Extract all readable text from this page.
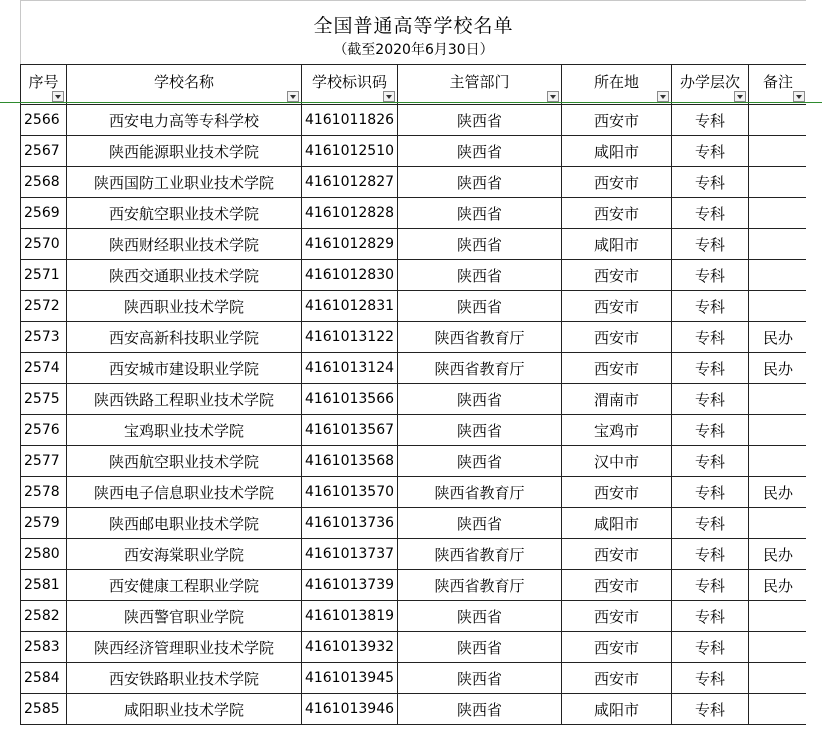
全国普通高等学校名单
（截至2020年6月30日）
序号	学校名称	学校标识码	主管部门	所在地	办学层次	备注

2566	西安电力高等专科学校	4161011826	陕西省	西安市	专科	
2567	陕西能源职业技术学院	4161012510	陕西省	咸阳市	专科	
2568	陕西国防工业职业技术学院	4161012827	陕西省	西安市	专科	
2569	西安航空职业技术学院	4161012828	陕西省	西安市	专科	
2570	陕西财经职业技术学院	4161012829	陕西省	咸阳市	专科	
2571	陕西交通职业技术学院	4161012830	陕西省	西安市	专科	
2572	陕西职业技术学院	4161012831	陕西省	西安市	专科	
2573	西安高新科技职业学院	4161013122	陕西省教育厅	西安市	专科	民办
2574	西安城市建设职业学院	4161013124	陕西省教育厅	西安市	专科	民办
2575	陕西铁路工程职业技术学院	4161013566	陕西省	渭南市	专科	
2576	宝鸡职业技术学院	4161013567	陕西省	宝鸡市	专科	
2577	陕西航空职业技术学院	4161013568	陕西省	汉中市	专科	
2578	陕西电子信息职业技术学院	4161013570	陕西省教育厅	西安市	专科	民办
2579	陕西邮电职业技术学院	4161013736	陕西省	咸阳市	专科	
2580	西安海棠职业学院	4161013737	陕西省教育厅	西安市	专科	民办
2581	西安健康工程职业学院	4161013739	陕西省教育厅	西安市	专科	民办
2582	陕西警官职业学院	4161013819	陕西省	西安市	专科	
2583	陕西经济管理职业技术学院	4161013932	陕西省	西安市	专科	
2584	西安铁路职业技术学院	4161013945	陕西省	西安市	专科	
2585	咸阳职业技术学院	4161013946	陕西省	咸阳市	专科	
